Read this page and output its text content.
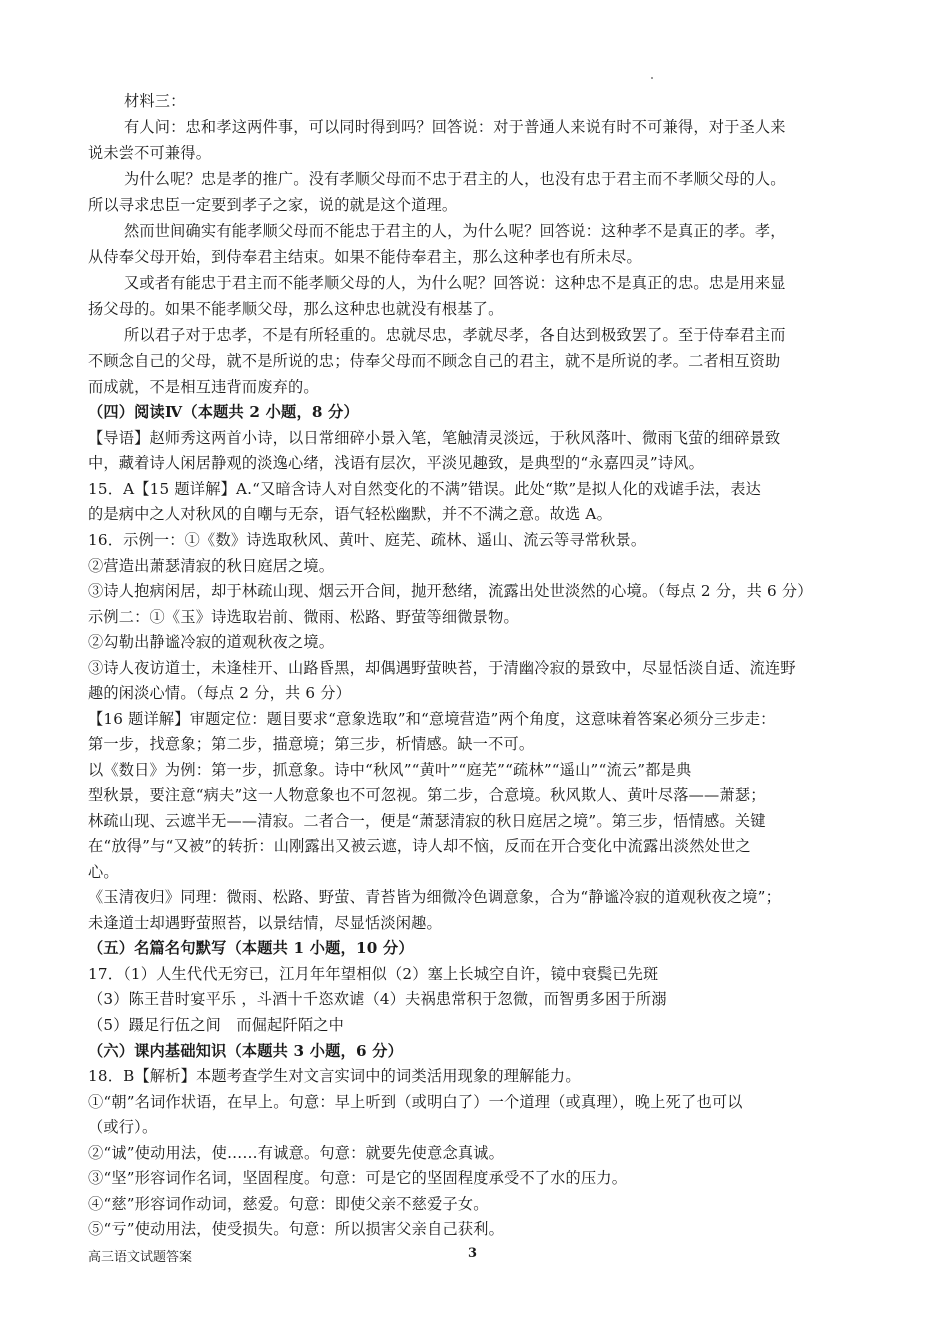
材料三：
有人问：忠和孝这两件事，可以同时得到吗？回答说：对于普通人来说有时不可兼得，对于圣人来
说未尝不可兼得。
为什么呢？忠是孝的推广。没有孝顺父母而不忠于君主的人，也没有忠于君主而不孝顺父母的人。
所以寻求忠臣一定要到孝子之家，说的就是这个道理。
然而世间确实有能孝顺父母而不能忠于君主的人，为什么呢？回答说：这种孝不是真正的孝。孝，
从侍奉父母开始，到侍奉君主结束。如果不能侍奉君主，那么这种孝也有所未尽。
又或者有能忠于君主而不能孝顺父母的人，为什么呢？回答说：这种忠不是真正的忠。忠是用来显
扬父母的。如果不能孝顺父母，那么这种忠也就没有根基了。
所以君子对于忠孝，不是有所轻重的。忠就尽忠，孝就尽孝，各自达到极致罢了。至于侍奉君主而
不顾念自己的父母，就不是所说的忠；侍奉父母而不顾念自己的君主，就不是所说的孝。二者相互资助
而成就，不是相互违背而废弃的。
（四）阅读Ⅳ（本题共 2 小题，8 分）
【导语】赵师秀这两首小诗，以日常细碎小景入笔，笔触清灵淡远，于秋风落叶、微雨飞萤的细碎景致
中，藏着诗人闲居静观的淡逸心绪，浅语有层次，平淡见趣致，是典型的“永嘉四灵”诗风。
15．A【15 题详解】A.“又暗含诗人对自然变化的不满”错误。此处“欺”是拟人化的戏谑手法，表达
的是病中之人对秋风的自嘲与无奈，语气轻松幽默，并不不满之意。故选 A。
16．示例一：①《数》诗选取秋风、黄叶、庭芜、疏林、遥山、流云等寻常秋景。
②营造出萧瑟清寂的秋日庭居之境。
③诗人抱病闲居，却于林疏山现、烟云开合间，抛开愁绪，流露出处世淡然的心境。（每点 2 分，共 6 分）
示例二：①《玉》诗选取岩前、微雨、松路、野萤等细微景物。
②勾勒出静谧冷寂的道观秋夜之境。
③诗人夜访道士，未逢桂开、山路昏黑，却偶遇野萤映苔，于清幽冷寂的景致中，尽显恬淡自适、流连野
趣的闲淡心情。（每点 2 分，共 6 分）
【16 题详解】审题定位：题目要求“意象选取”和“意境营造”两个角度，这意味着答案必须分三步走：
第一步，找意象；第二步，描意境；第三步，析情感。缺一不可。
以《数日》为例：第一步，抓意象。诗中“秋风”“黄叶”“庭芜”“疏林”“遥山”“流云”都是典
型秋景，要注意“病夫”这一人物意象也不可忽视。第二步，合意境。秋风欺人、黄叶尽落——萧瑟；
林疏山现、云遮半无——清寂。二者合一，便是“萧瑟清寂的秋日庭居之境”。第三步，悟情感。关键
在“放得”与“又被”的转折：山刚露出又被云遮，诗人却不恼，反而在开合变化中流露出淡然处世之
心。
《玉清夜归》同理：微雨、松路、野萤、青苔皆为细微冷色调意象，合为“静谧冷寂的道观秋夜之境”；
未逢道士却遇野萤照苔，以景结情，尽显恬淡闲趣。
（五）名篇名句默写（本题共 1 小题，10 分）
17．（1）人生代代无穷已，江月年年望相似（2）塞上长城空自许，镜中衰鬓已先斑
（3）陈王昔时宴平乐 ，斗酒十千恣欢谑（4）夫祸患常积于忽微，而智勇多困于所溺
（5）蹑足行伍之间　而倔起阡陌之中
（六）课内基础知识（本题共 3 小题，6 分）
18．B【解析】本题考查学生对文言实词中的词类活用现象的理解能力。
①“朝”名词作状语，在早上。句意：早上听到（或明白了）一个道理（或真理），晚上死了也可以
（或行）。
②“诚”使动用法，使……有诚意。句意：就要先使意念真诚。
③“坚”形容词作名词，坚固程度。句意：可是它的坚固程度承受不了水的压力。
④“慈”形容词作动词，慈爱。句意：即使父亲不慈爱子女。
⑤“亏”使动用法，使受损失。句意：所以损害父亲自己获利。
高三语文试题答案	3
